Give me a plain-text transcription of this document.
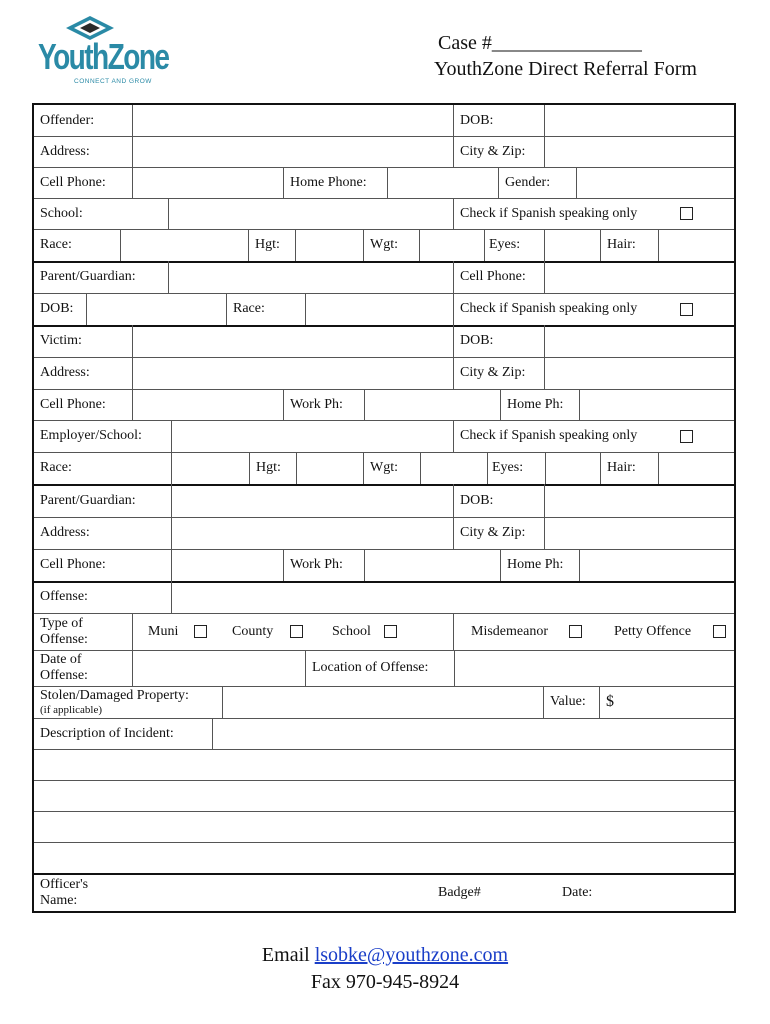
YouthZone
CONNECT AND GROW
Case #_______________
YouthZone Direct Referral Form
Offender:	DOB:
Address:	City & Zip:
Cell Phone:	Home Phone:	Gender:
School:	Check if Spanish speaking only
Race:	Hgt:	Wgt:	Eyes:	Hair:
Parent/Guardian:	Cell Phone:
DOB:	Race:	Check if Spanish speaking only
Victim:	DOB:
Address:	City & Zip:
Cell Phone:	Work Ph:	Home Ph:
Employer/School:	Check if Spanish speaking only
Race:	Hgt:	Wgt:	Eyes:	Hair:
Parent/Guardian:	DOB:
Address:	City & Zip:
Cell Phone:	Work Ph:	Home Ph:
Offense:
Type of
Offense:
Muni	County	School	Misdemeanor	Petty Offence
Date of
Offense:
Location of Offense:
Stolen/Damaged Property:
(if applicable)
Value:	$
Description of Incident:
Officer's
Name:
Badge#	Date:
Email lsobke@youthzone.com
Fax 970-945-8924
